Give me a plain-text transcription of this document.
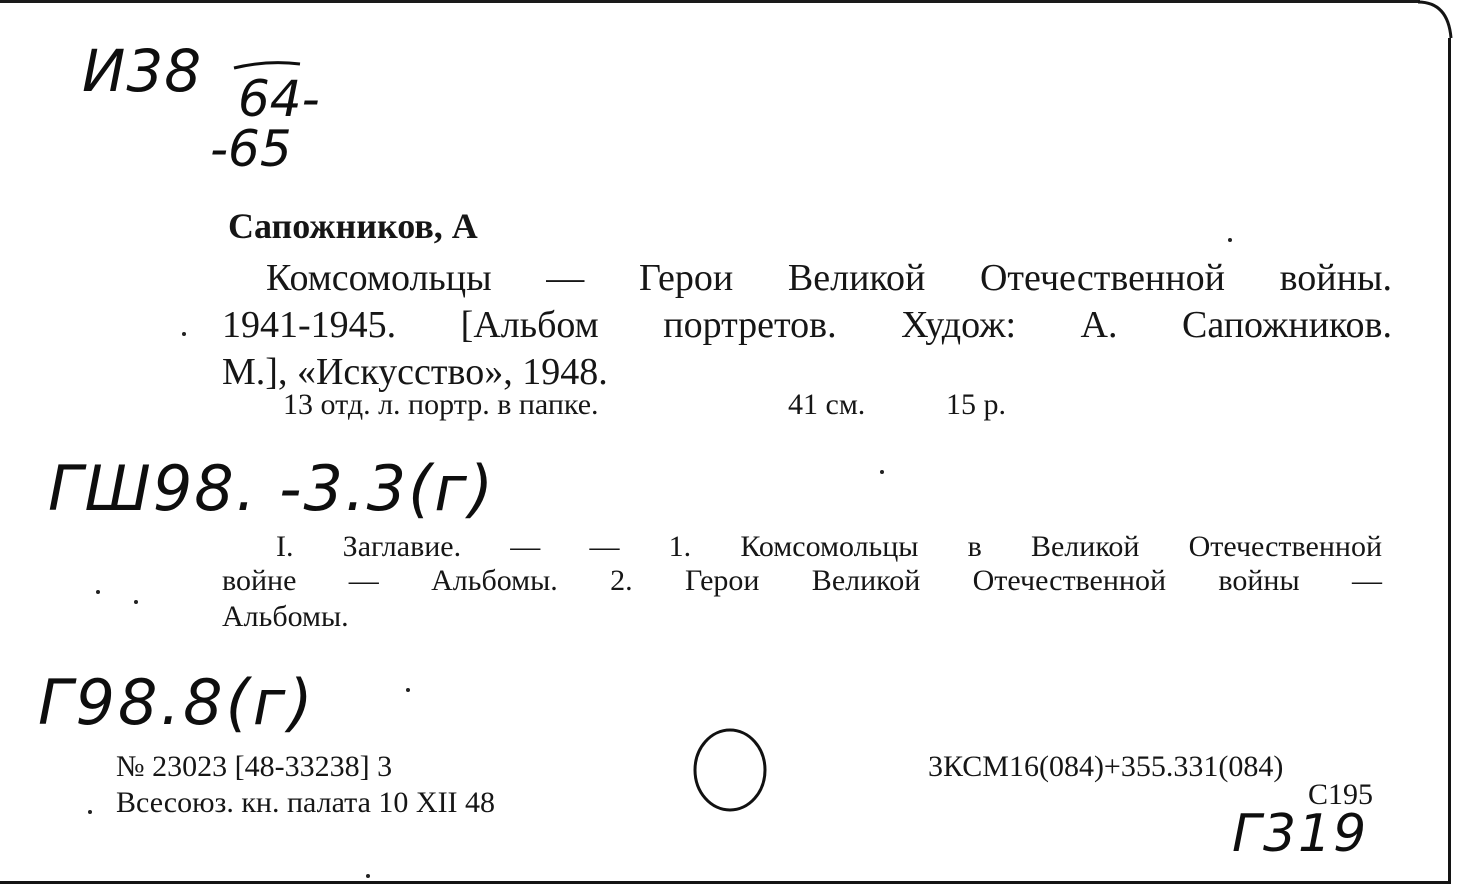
И38 64-
-65
Сапожников, А
Комсомольцы — Герои Великой Отечественной войны.
1941-1945. [Альбом портретов. Худож: А. Сапожников.
М.], «Искусство», 1948.
13 отд. л. портр. в папке.	41 см.	15 р.
ГШ98. -3.3(г)
I. Заглавие. — — 1. Комсомольцы в Великой Отечественной
войне — Альбомы. 2. Герои Великой Отечественной войны —
Альбомы.
Г98.8(г)
№ 23023 [48-33238] 3
Всесоюз. кн. палата 10 XII 48
3КСМ16(084)+355.331(084)
С195
Г319
